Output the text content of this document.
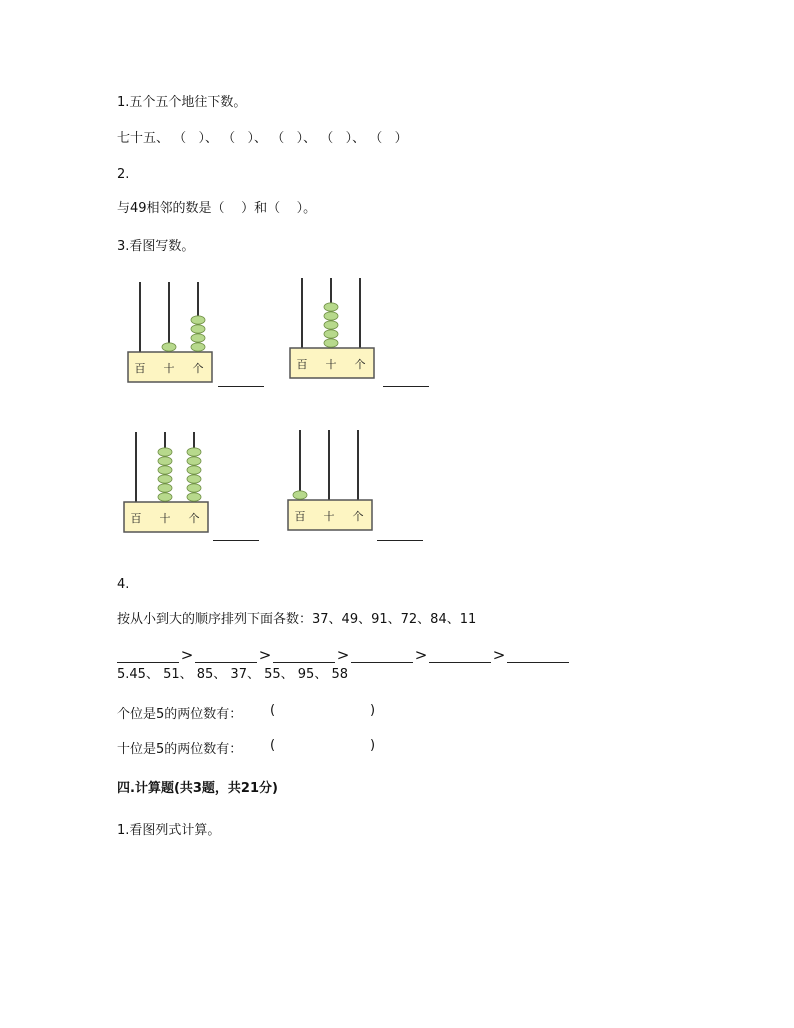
1.五个五个地往下数。
七十五、 （   ）、 （   ）、 （   ）、 （   ）、 （   ）
2.
与49相邻的数是（    ）和（    ）。
3.看图写数。
百 十 个	百 十 个
百 十 个	百 十 个
4.
按从小到大的顺序排列下面各数：37、49、91、72、84、11
>	>	>	>	>
5.45、 51、 85、 37、 55、 95、 58
个位是5的两位数有： (	)
十位是5的两位数有： (	)
四.计算题(共3题，共21分)
1.看图列式计算。
